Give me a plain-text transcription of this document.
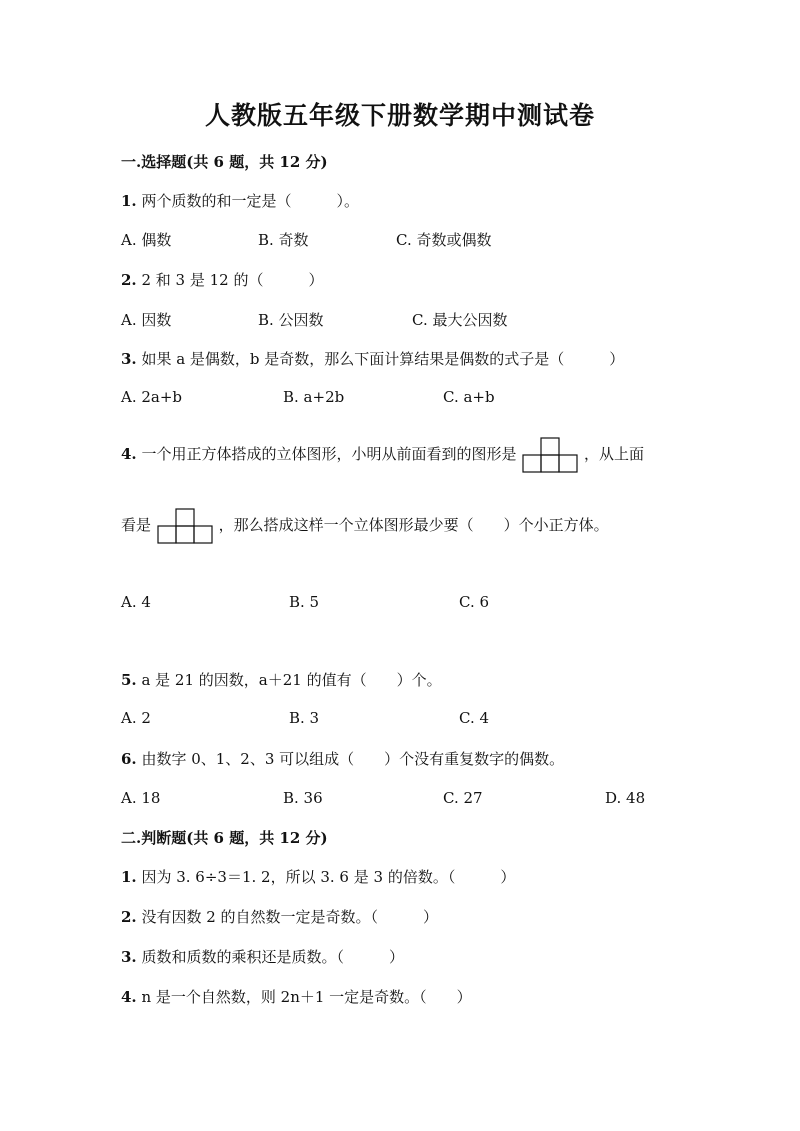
人教版五年级下册数学期中测试卷
一.选择题(共 6 题，共 12 分)
1. 两个质数的和一定是（　　　）。
A. 偶数	B. 奇数	C. 奇数或偶数
2. 2 和 3 是 12 的（　　　）
A. 因数	B. 公因数	C. 最大公因数
3. 如果 a 是偶数，b 是奇数，那么下面计算结果是偶数的式子是（　　　）
A. 2a+b	B. a+2b	C. a+b
4. 一个用正方体搭成的立体图形，小明从前面看到的图形是	，从上面
看是	，那么搭成这样一个立体图形最少要（　　）个小正方体。
A. 4	B. 5	C. 6
5. a 是 21 的因数，a＋21 的值有（　　）个。
A. 2	B. 3	C. 4
6. 由数字 0、1、2、3 可以组成（　　）个没有重复数字的偶数。
A. 18	B. 36	C. 27	D. 48
二.判断题(共 6 题，共 12 分)
1. 因为 3. 6÷3＝1. 2，所以 3. 6 是 3 的倍数。（　　　）
2. 没有因数 2 的自然数一定是奇数。（　　　）
3. 质数和质数的乘积还是质数。（　　　）
4. n 是一个自然数，则 2n＋1 一定是奇数。（　　）
